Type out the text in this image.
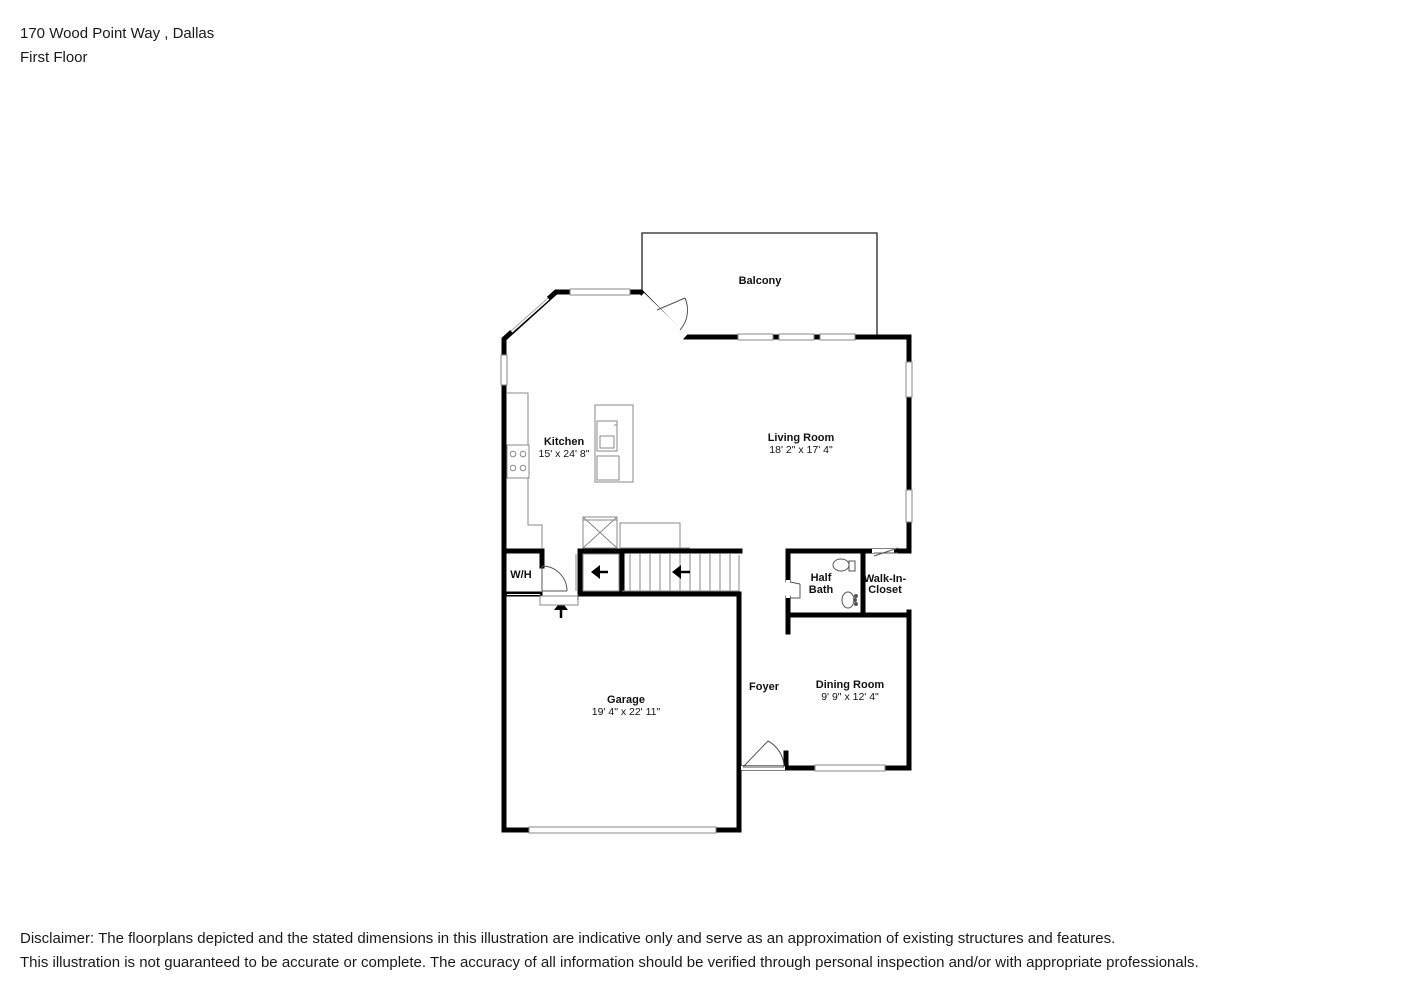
170 Wood Point Way , Dallas
First Floor
Balcony
Kitchen
15' x 24' 8"
Living Room
18' 2" x 17' 4"
W/H	Half
Bath
Walk-In-
Closet
Garage
19' 4" x 22' 11"
Foyer	Dining Room
9' 9" x 12' 4"
Disclaimer: The floorplans depicted and the stated dimensions in this illustration are indicative only and serve as an approximation of existing structures and features.
This illustration is not guaranteed to be accurate or complete. The accuracy of all information should be verified through personal inspection and/or with appropriate professionals.
